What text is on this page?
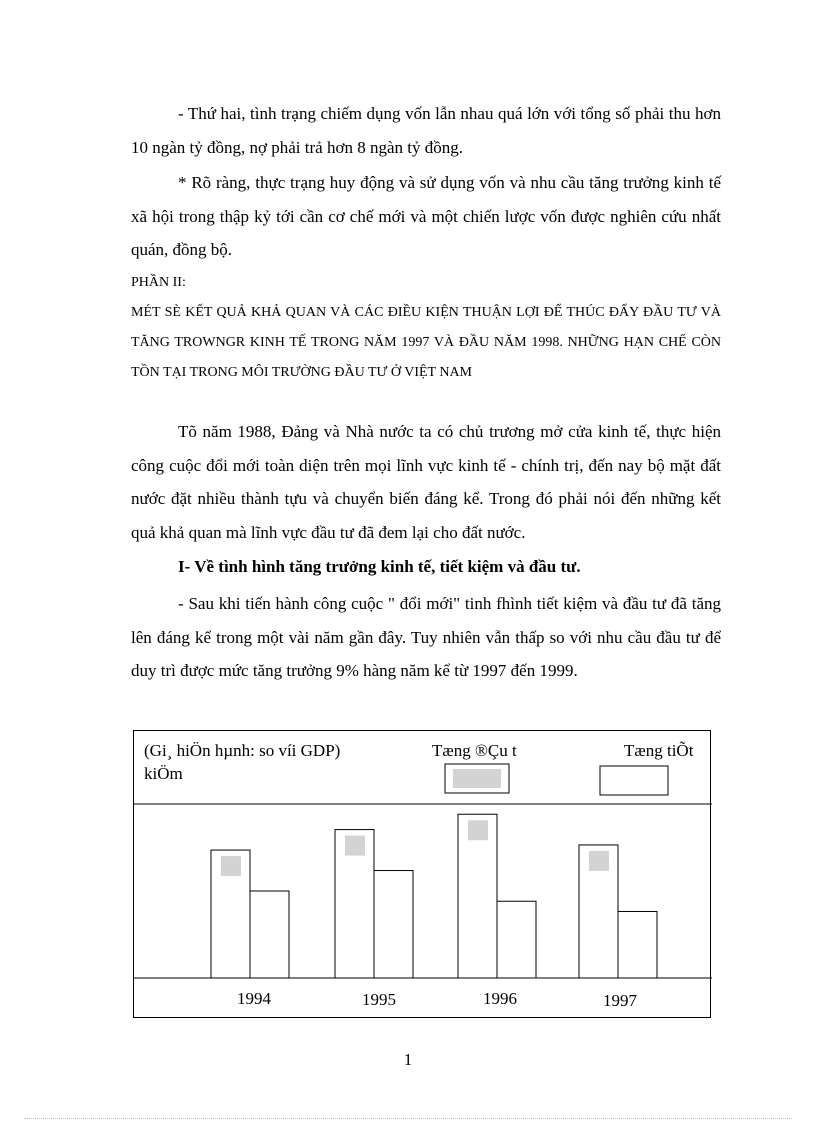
- Thứ hai, tình trạng chiếm dụng vốn lẫn nhau quá lớn với tổng số phải thu hơn 10 ngàn tỷ đồng, nợ phải trả hơn 8 ngàn tỷ đồng.

* Rõ ràng, thực trạng huy động và sử dụng vốn và nhu cầu tăng trưởng kinh tế xã hội trong thập kỷ tới cần cơ chế mới và một chiến lược vốn được nghiên cứu nhất quán, đồng bộ.

PHẦN II:

MÉT SÈ KẾT QUẢ KHẢ QUAN VÀ CÁC ĐIỀU KIỆN THUẬN LỢI ĐỂ THÚC ĐẨY ĐẦU TƯ VÀ TĂNG TROWNGR KINH TẾ TRONG NĂM 1997 VÀ ĐẦU NĂM 1998. NHỮNG HẠN CHẾ CÒN TỒN TẠI TRONG MÔI TRƯỜNG ĐẦU TƯ Ở VIỆT NAM

Tõ năm 1988, Đảng và Nhà nước ta có chủ trương mở cửa kinh tế, thực hiện công cuộc đổi mới toàn diện trên mọi lĩnh vực kinh tế - chính trị, đến nay bộ mặt đất nước đặt nhiều thành tựu và chuyển biến đáng kể. Trong đó phải nói đến những kết quả khả quan mà lĩnh vực đầu tư đã đem lại cho đất nước.

I- Về tình hình tăng trưởng kinh tế, tiết kiệm và đầu tư.

- Sau khi tiến hành công cuộc " đổi mới" tinh fhình tiết kiệm và đầu tư đã tăng lên đáng kể trong một vài năm gần đây. Tuy nhiên vẫn thấp so với nhu cầu đầu tư để duy trì được mức tăng trưởng 9% hàng năm kể từ 1997 đến 1999.

(Gi¸ hiÖn hµnh: so víi GDP)
kiÖm
Tæng ®Çu t	Tæng tiÕt
1994	1995	1996	1997
1
